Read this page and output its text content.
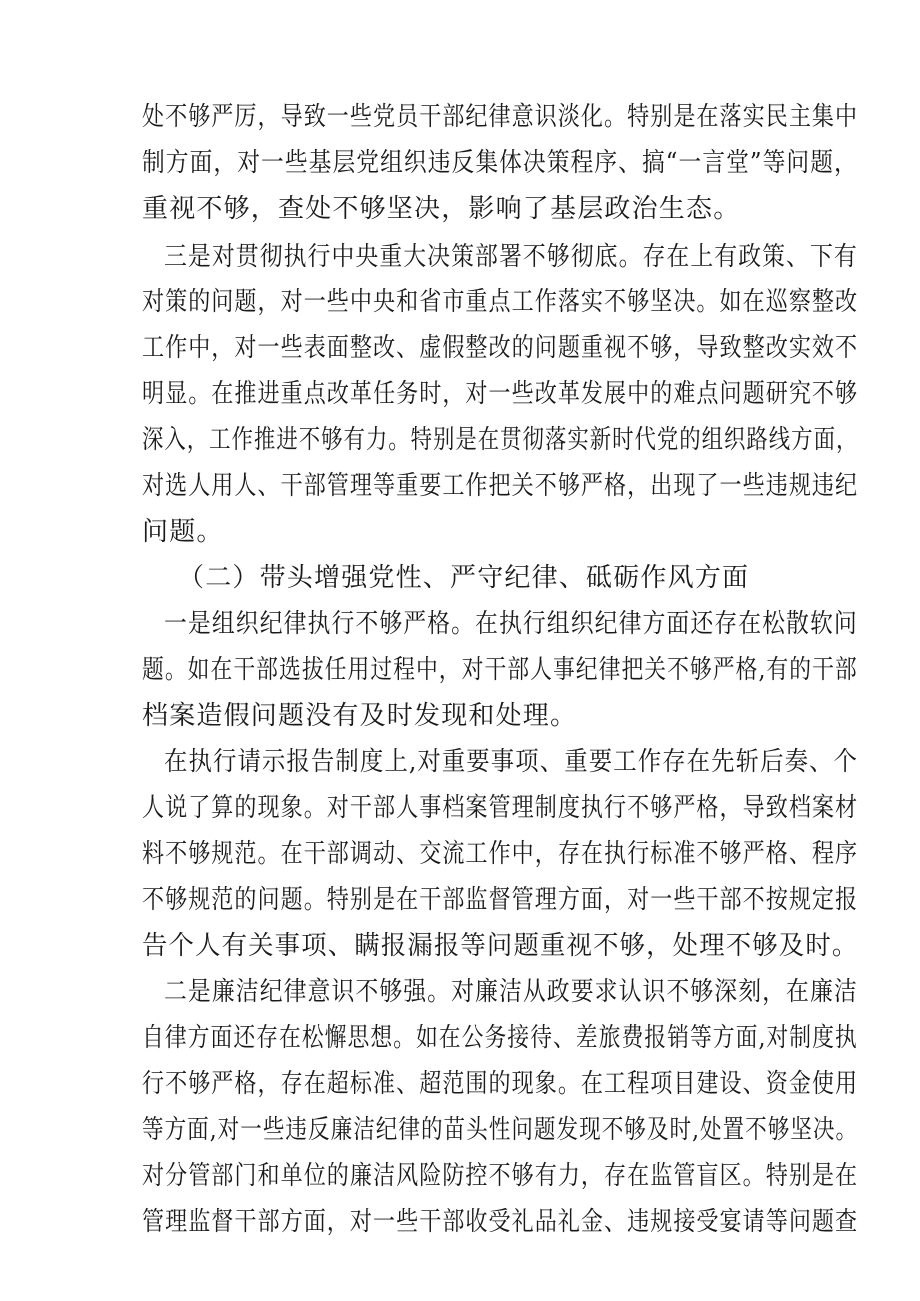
处不够严厉，导致一些党员干部纪律意识淡化。特别是在落实民主集中
制方面，对一些基层党组织违反集体决策程序、搞“一言堂”等问题，
重视不够，查处不够坚决，影响了基层政治生态。
三是对贯彻执行中央重大决策部署不够彻底。存在上有政策、下有
对策的问题，对一些中央和省市重点工作落实不够坚决。如在巡察整改
工作中，对一些表面整改、虚假整改的问题重视不够，导致整改实效不
明显。在推进重点改革任务时，对一些改革发展中的难点问题研究不够
深入，工作推进不够有力。特别是在贯彻落实新时代党的组织路线方面，
对选人用人、干部管理等重要工作把关不够严格，出现了一些违规违纪
问题。
（二）带头增强党性、严守纪律、砥砺作风方面
一是组织纪律执行不够严格。在执行组织纪律方面还存在松散软问
题。如在干部选拔任用过程中，对干部人事纪律把关不够严格,有的干部
档案造假问题没有及时发现和处理。
在执行请示报告制度上,对重要事项、重要工作存在先斩后奏、个
人说了算的现象。对干部人事档案管理制度执行不够严格，导致档案材
料不够规范。在干部调动、交流工作中，存在执行标准不够严格、程序
不够规范的问题。特别是在干部监督管理方面，对一些干部不按规定报
告个人有关事项、瞒报漏报等问题重视不够，处理不够及时。
二是廉洁纪律意识不够强。对廉洁从政要求认识不够深刻，在廉洁
自律方面还存在松懈思想。如在公务接待、差旅费报销等方面,对制度执
行不够严格，存在超标准、超范围的现象。在工程项目建设、资金使用
等方面,对一些违反廉洁纪律的苗头性问题发现不够及时,处置不够坚决。
对分管部门和单位的廉洁风险防控不够有力，存在监管盲区。特别是在
管理监督干部方面，对一些干部收受礼品礼金、违规接受宴请等问题查
